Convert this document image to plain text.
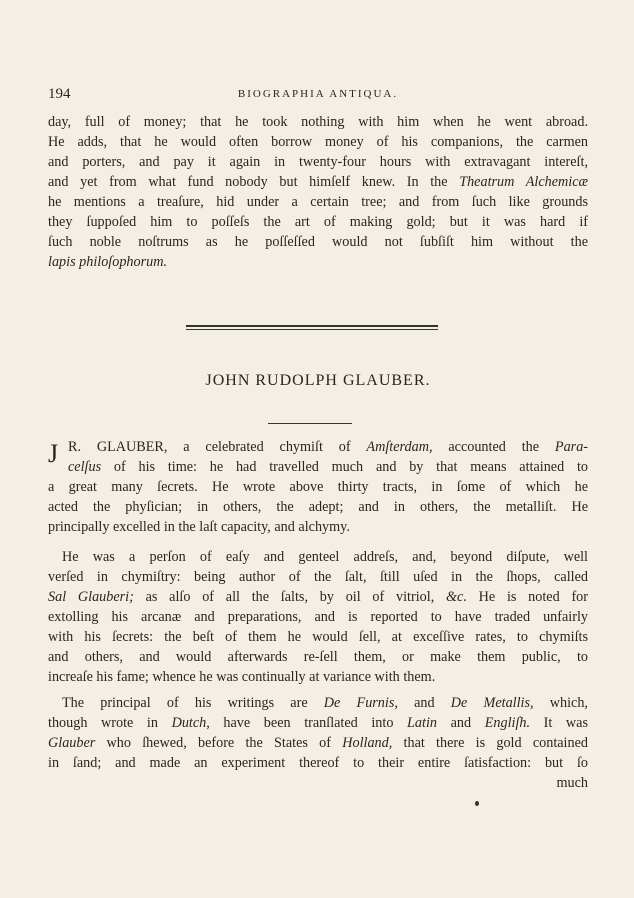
194	BIOGRAPHIA ANTIQUA.
day, full of money; that he took nothing with him when he went abroad.
He adds, that he would often borrow money of his companions, the carmen
and porters, and pay it again in twenty-four hours with extravagant intereſt,
and yet from what fund nobody but himſelf knew. In the Theatrum Alchemicæ
he mentions a treaſure, hid under a certain tree; and from ſuch like grounds
they ſuppoſed him to poſſeſs the art of making gold; but it was hard if
ſuch noble noſtrums as he poſſeſſed would not ſubſiſt him without the
lapis philoſophorum.
JOHN RUDOLPH GLAUBER.
J R. GLAUBER, a celebrated chymiſt of Amſterdam, accounted the Para-
celſus of his time: he had travelled much and by that means attained to
a great many ſecrets. He wrote above thirty tracts, in ſome of which he
acted the phyſician; in others, the adept; and in others, the metalliſt. He
principally excelled in the laſt capacity, and alchymy.
He was a perſon of eaſy and genteel addreſs, and, beyond diſpute, well
verſed in chymiſtry: being author of the ſalt, ſtill uſed in the ſhops, called
Sal Glauberi; as alſo of all the ſalts, by oil of vitriol, &c. He is noted for
extolling his arcanæ and preparations, and is reported to have traded unfairly
with his ſecrets: the beſt of them he would ſell, at exceſſive rates, to chymiſts
and others, and would afterwards re-ſell them, or make them public, to
increaſe his fame; whence he was continually at variance with them.
The principal of his writings are De Furnis, and De Metallis, which,
though wrote in Dutch, have been tranſlated into Latin and Engliſh. It was
Glauber who ſhewed, before the States of Holland, that there is gold contained
in ſand; and made an experiment thereof to their entire ſatisfaction: but ſo
much
